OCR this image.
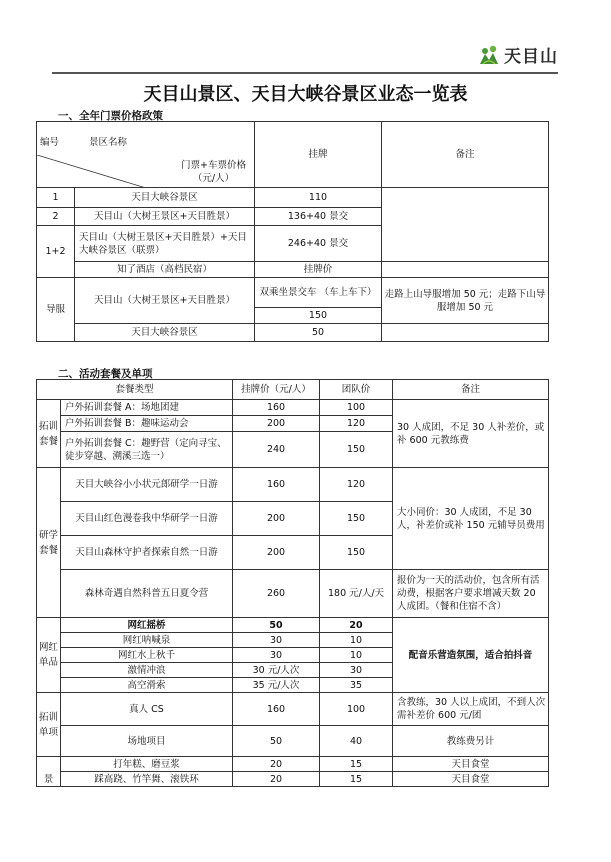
天目山
天目山景区、天目大峡谷景区业态一览表
一、全年门票价格政策
门票+车票价格
（元/人）
编号 景区名称		挂牌	备注
1	天目大峡谷景区	110	
2	天目山（大树王景区+天目胜景）	136+40 景交	
1+2	天目山（大树王景区+天目胜景）+天目大峡谷景区（联票）	246+40 景交	
	知了酒店（高档民宿）	挂牌价	
导服	天目山（大树王景区+天目胜景）	双乘坐景交车 （车上车下）	走路上山导服增加 50 元；走路下山导服增加 50 元
		150	
	天目大峡谷景区	50	
二、活动套餐及单项
套餐类型		挂牌价（元/人）	团队价	备注
拓训套餐	户外拓训套餐 A：场地团建	160	100	30 人成团，不足 30 人补差价，或补 600 元教练费
	户外拓训套餐 B：趣味运动会	200	120	
	户外拓训套餐 C：趣野营（定向寻宝、徒步穿越、溯溪三选一）	240	150	
研学套餐	天目大峡谷小小状元郎研学一日游	160	120	大小同价：30 人成团，不足 30 人，补差价或补 150 元辅导员费用
	天目山红色漫卷我中华研学一日游	200	150	
	天目山森林守护者探索自然一日游	200	150	
	森林奇遇自然科普五日夏令营	260	180 元/人/天	报价为一天的活动价，包含所有活动费，根据客户要求增减天数 20 人成团。（餐和住宿不含）
网红单品	网红摇桥	50	20	配音乐营造氛围，适合拍抖音
	网红呐喊泉	30	10	
	网红水上秋千	30	10	
	激情冲浪	30 元/人次	30	
	高空滑索	35 元/人次	35	
拓训单项	真人 CS	160	100	含教练，30 人以上成团，不到人次需补差价 600 元/团
	场地项目	50	40	教练费另计
景	打年糕、磨豆浆	20	15	天目食堂
	踩高跷、竹竿舞、滚铁环	20	15	天目食堂
